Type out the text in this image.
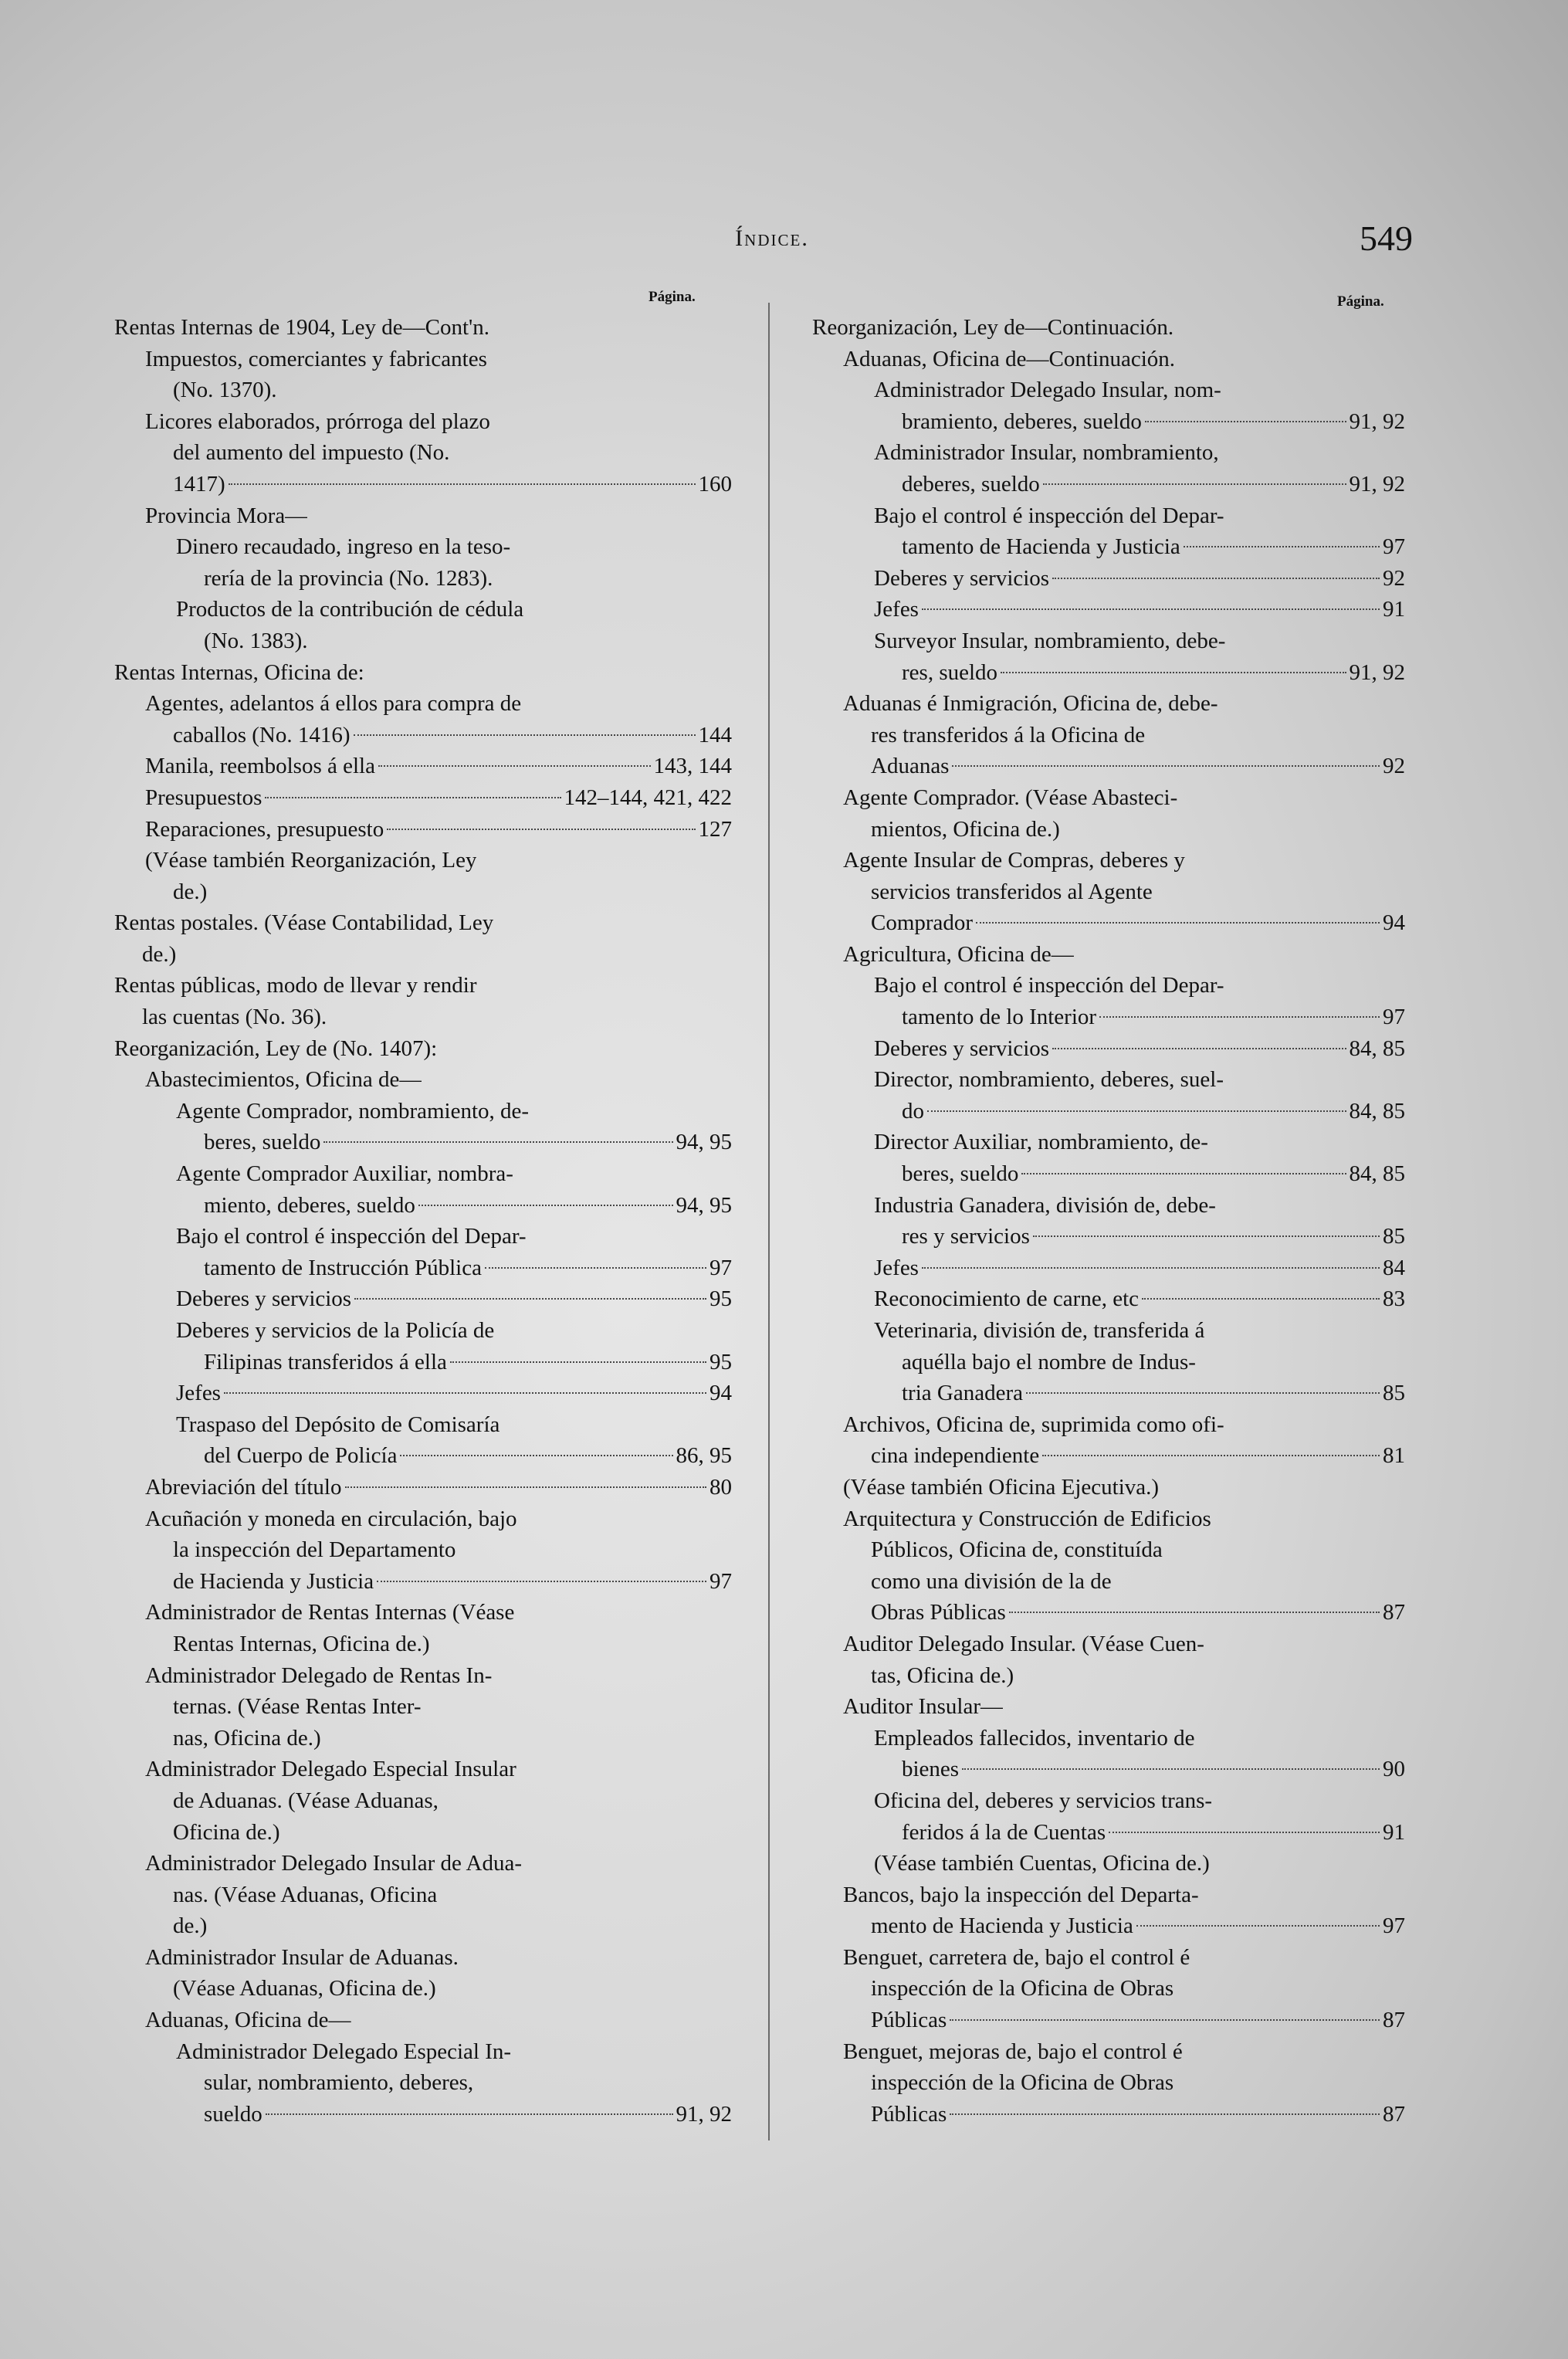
Índice.	549
Página.	Página.
Rentas Internas de 1904, Ley de—Cont'n.
Impuestos, comerciantes y fabricantes
(No. 1370).
Licores elaborados, prórroga del plazo
del aumento del impuesto (No.
1417)	160
Provincia Mora—
Dinero recaudado, ingreso en la teso-
rería de la provincia (No. 1283).
Productos de la contribución de cédula
(No. 1383).
Rentas Internas, Oficina de:
Agentes, adelantos á ellos para compra de
caballos (No. 1416)	144
Manila, reembolsos á ella	143, 144
Presupuestos	142–144, 421, 422
Reparaciones, presupuesto	127
(Véase también Reorganización, Ley
de.)
Rentas postales. (Véase Contabilidad, Ley
de.)
Rentas públicas, modo de llevar y rendir
las cuentas (No. 36).
Reorganización, Ley de (No. 1407):
Abastecimientos, Oficina de—
Agente Comprador, nombramiento, de-
beres, sueldo	94, 95
Agente Comprador Auxiliar, nombra-
miento, deberes, sueldo	94, 95
Bajo el control é inspección del Depar-
tamento de Instrucción Pública	97
Deberes y servicios	95
Deberes y servicios de la Policía de
Filipinas transferidos á ella	95
Jefes	94
Traspaso del Depósito de Comisaría
del Cuerpo de Policía	86, 95
Abreviación del título	80
Acuñación y moneda en circulación, bajo
la inspección del Departamento
de Hacienda y Justicia	97
Administrador de Rentas Internas (Véase
Rentas Internas, Oficina de.)
Administrador Delegado de Rentas In-
ternas. (Véase Rentas Inter-
nas, Oficina de.)
Administrador Delegado Especial Insular
de Aduanas. (Véase Aduanas,
Oficina de.)
Administrador Delegado Insular de Adua-
nas. (Véase Aduanas, Oficina
de.)
Administrador Insular de Aduanas.
(Véase Aduanas, Oficina de.)
Aduanas, Oficina de—
Administrador Delegado Especial In-
sular, nombramiento, deberes,
sueldo	91, 92
Reorganización, Ley de—Continuación.
Aduanas, Oficina de—Continuación.
Administrador Delegado Insular, nom-
bramiento, deberes, sueldo	91, 92
Administrador Insular, nombramiento,
deberes, sueldo	91, 92
Bajo el control é inspección del Depar-
tamento de Hacienda y Justicia	97
Deberes y servicios	92
Jefes	91
Surveyor Insular, nombramiento, debe-
res, sueldo	91, 92
Aduanas é Inmigración, Oficina de, debe-
res transferidos á la Oficina de
Aduanas	92
Agente Comprador. (Véase Abasteci-
mientos, Oficina de.)
Agente Insular de Compras, deberes y
servicios transferidos al Agente
Comprador	94
Agricultura, Oficina de—
Bajo el control é inspección del Depar-
tamento de lo Interior	97
Deberes y servicios	84, 85
Director, nombramiento, deberes, suel-
do	84, 85
Director Auxiliar, nombramiento, de-
beres, sueldo	84, 85
Industria Ganadera, división de, debe-
res y servicios	85
Jefes	84
Reconocimiento de carne, etc	83
Veterinaria, división de, transferida á
aquélla bajo el nombre de Indus-
tria Ganadera	85
Archivos, Oficina de, suprimida como ofi-
cina independiente	81
(Véase también Oficina Ejecutiva.)
Arquitectura y Construcción de Edificios
Públicos, Oficina de, constituída
como una división de la de
Obras Públicas	87
Auditor Delegado Insular. (Véase Cuen-
tas, Oficina de.)
Auditor Insular—
Empleados fallecidos, inventario de
bienes	90
Oficina del, deberes y servicios trans-
feridos á la de Cuentas	91
(Véase también Cuentas, Oficina de.)
Bancos, bajo la inspección del Departa-
mento de Hacienda y Justicia	97
Benguet, carretera de, bajo el control é
inspección de la Oficina de Obras
Públicas	87
Benguet, mejoras de, bajo el control é
inspección de la Oficina de Obras
Públicas	87
